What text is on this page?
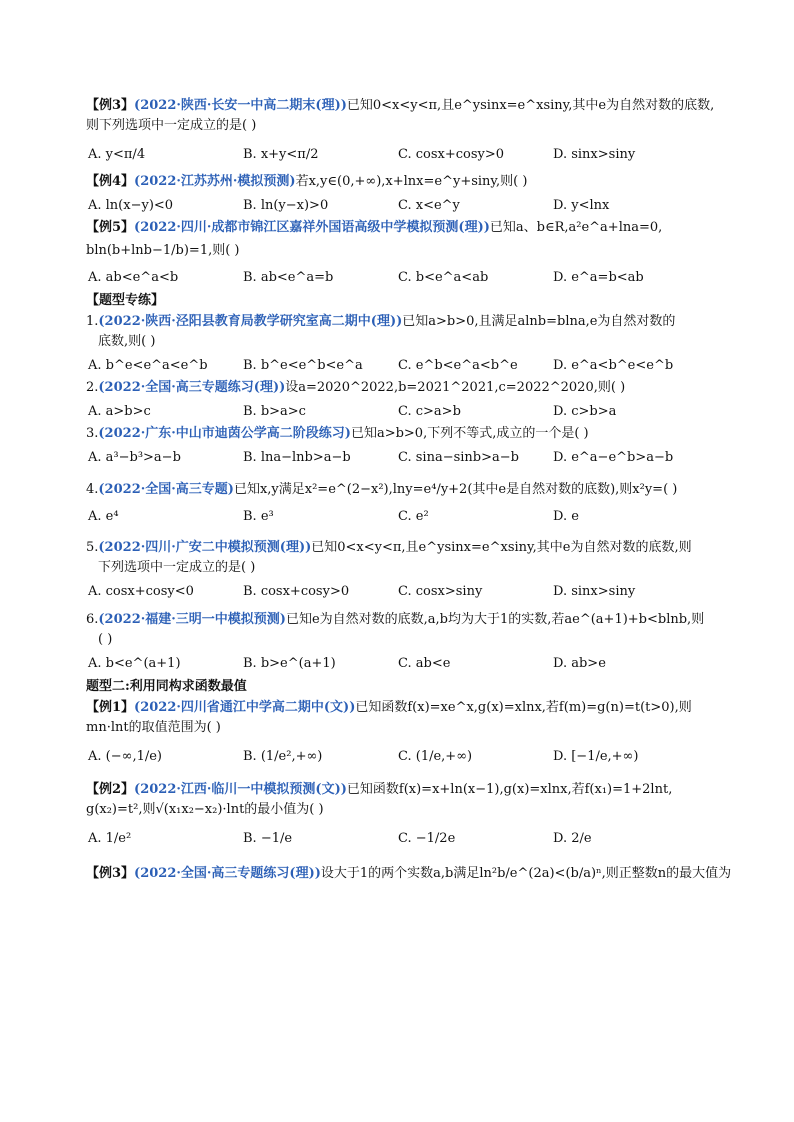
【例3】(2022·陕西·长安一中高二期末(理))已知0<x<y<π,且e^ysinx=e^xsiny,其中e为自然对数的底数,

则下列选项中一定成立的是( )

A. y<π/4	B. x+y<π/2	C. cosx+cosy>0	D. sinx>siny

【例4】(2022·江苏苏州·模拟预测)若x,y∈(0,+∞),x+lnx=e^y+siny,则( )

A. ln(x−y)<0	B. ln(y−x)>0	C. x<e^y	D. y<lnx

【例5】(2022·四川·成都市锦江区嘉祥外国语高级中学模拟预测(理))已知a、b∈R,a²e^a+lna=0,

bln(b+lnb−1/b)=1,则( )

A. ab<e^a<b	B. ab<e^a=b	C. b<e^a<ab	D. e^a=b<ab
【题型专练】

1.(2022·陕西·泾阳县教育局教学研究室高二期中(理))已知a>b>0,且满足alnb=blna,e为自然对数的

底数,则( )

A. b^e<e^a<e^b	B. b^e<e^b<e^a	C. e^b<e^a<b^e	D. e^a<b^e<e^b

2.(2022·全国·高三专题练习(理))设a=2020^2022,b=2021^2021,c=2022^2020,则( )

A. a>b>c	B. b>a>c	C. c>a>b	D. c>b>a

3.(2022·广东·中山市迪茵公学高二阶段练习)已知a>b>0,下列不等式,成立的一个是( )

A. a³−b³>a−b	B. lna−lnb>a−b	C. sina−sinb>a−b	D. e^a−e^b>a−b

4.(2022·全国·高三专题)已知x,y满足x²=e^(2−x²),lny=e⁴/y+2(其中e是自然对数的底数),则x²y=( )

A. e⁴	B. e³	C. e²	D. e

5.(2022·四川·广安二中模拟预测(理))已知0<x<y<π,且e^ysinx=e^xsiny,其中e为自然对数的底数,则

下列选项中一定成立的是( )

A. cosx+cosy<0	B. cosx+cosy>0	C. cosx>siny	D. sinx>siny

6.(2022·福建·三明一中模拟预测)已知e为自然对数的底数,a,b均为大于1的实数,若ae^(a+1)+b<blnb,则

( )

A. b<e^(a+1)	B. b>e^(a+1)	C. ab<e	D. ab>e
题型二:利用同构求函数最值

【例1】(2022·四川省通江中学高二期中(文))已知函数f(x)=xe^x,g(x)=xlnx,若f(m)=g(n)=t(t>0),则

mn·lnt的取值范围为( )

A. (−∞,1/e)	B. (1/e²,+∞)	C. (1/e,+∞)	D. [−1/e,+∞)

【例2】(2022·江西·临川一中模拟预测(文))已知函数f(x)=x+ln(x−1),g(x)=xlnx,若f(x₁)=1+2lnt,

g(x₂)=t²,则√(x₁x₂−x₂)·lnt的最小值为( )

A. 1/e²	B. −1/e	C. −1/2e	D. 2/e

【例3】(2022·全国·高三专题练习(理))设大于1的两个实数a,b满足ln²b/e^(2a)<(b/a)ⁿ,则正整数n的最大值为
